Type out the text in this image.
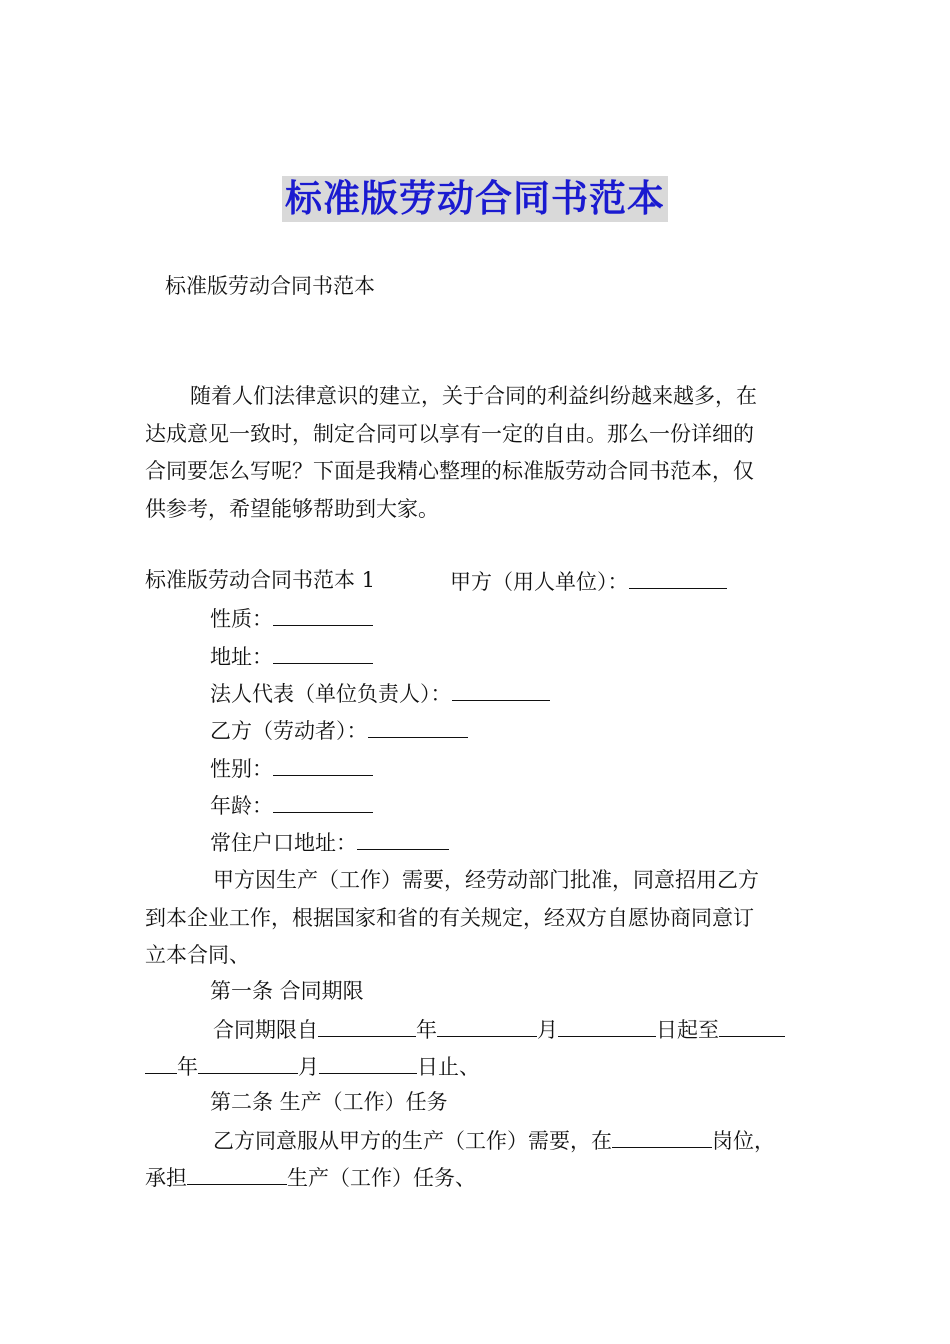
标准版劳动合同书范本
标准版劳动合同书范本
随着人们法律意识的建立，关于合同的利益纠纷越来越多，在
达成意见一致时，制定合同可以享有一定的自由。那么一份详细的
合同要怎么写呢？下面是我精心整理的标准版劳动合同书范本，仅
供参考，希望能够帮助到大家。
标准版劳动合同书范本 1	甲方（用人单位）：
性质：
地址：
法人代表（单位负责人）：
乙方（劳动者）：
性别：
年龄：
常住户口地址：
甲方因生产（工作）需要，经劳动部门批准，同意招用乙方
到本企业工作，根据国家和省的有关规定，经双方自愿协商同意订
立本合同、
第一条 合同期限
合同期限自	年	月	日起至
年	月	日止、
第二条 生产（工作）任务
乙方同意服从甲方的生产（工作）需要，在	岗位，
承担	生产（工作）任务、
